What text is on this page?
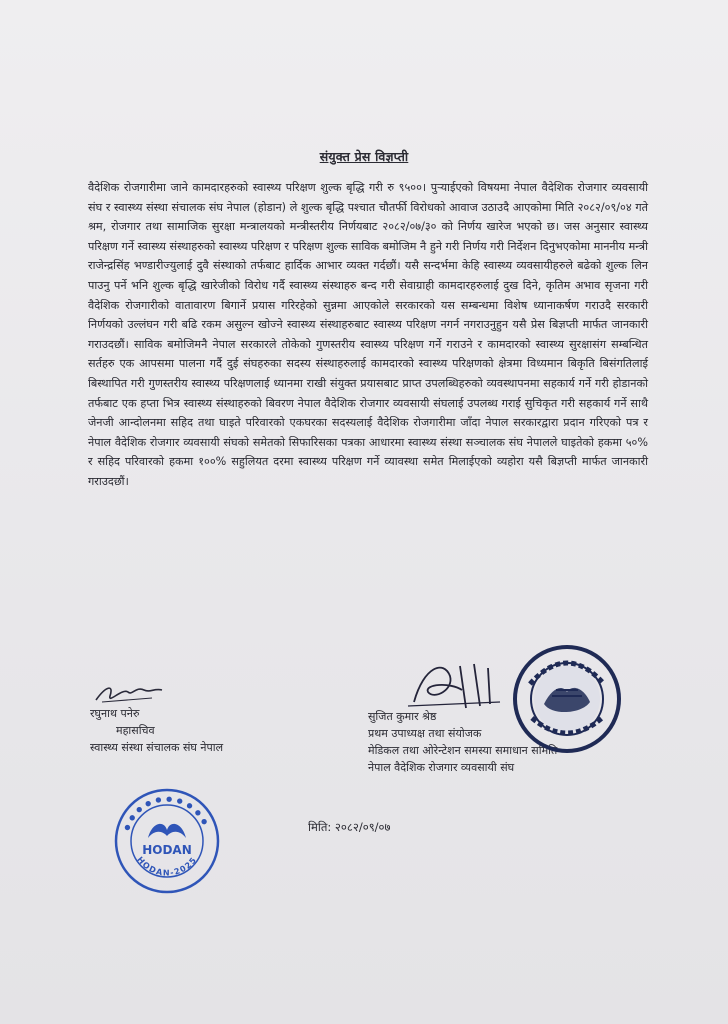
संयुक्त प्रेस विज्ञप्ती

वैदेशिक रोजगारीमा जाने कामदारहरुको स्वास्थ्य परिक्षण शुल्क बृद्धि गरी रु ९५००। पुऱ्याईएको विषयमा नेपाल वैदेशिक रोजगार व्यवसायी संघ र स्वास्थ्य संस्था संचालक संघ नेपाल (होडान) ले शुल्क बृद्धि पश्चात चौतर्फी विरोधको आवाज उठाउदै आएकोमा मिति २०८२/०९/०४ गते श्रम, रोजगार तथा सामाजिक सुरक्षा मन्त्रालयको मन्त्रीस्तरीय निर्णयबाट २०८२/०७/३० को निर्णय खारेज भएको छ। जस अनुसार स्वास्थ्य परिक्षण गर्ने स्वास्थ्य संस्थाहरुको स्वास्थ्य परिक्षण र परिक्षण शुल्क साविक बमोजिम नै हुने गरी निर्णय गरी निर्देशन दिनुभएकोमा माननीय मन्त्री राजेन्द्रसिंह भण्डारीज्युलाई दुवै संस्थाको तर्फबाट हार्दिक आभार व्यक्त गर्दछौं। यसै सन्दर्भमा केहि स्वास्थ्य व्यवसायीहरुले बढेको शुल्क लिन पाउनु पर्ने भनि शुल्क बृद्धि खारेजीको विरोध गर्दै स्वास्थ्य संस्थाहरु बन्द गरी सेवाग्राही कामदारहरुलाई दुख दिने, कृतिम अभाव सृजना गरी वैदेशिक रोजगारीको वातावारण बिगार्ने प्रयास गरिरहेको सुन्नमा आएकोले सरकारको यस सम्बन्धमा विशेष ध्यानाकर्षण गराउदै सरकारी निर्णयको उल्लंघन गरी बढि रकम असुल्न खोज्ने स्वास्थ्य संस्थाहरुबाट स्वास्थ्य परिक्षण नगर्न नगराउनुहुन यसै प्रेस बिज्ञप्ती मार्फत जानकारी गराउदछौं। साविक बमोजिमनै नेपाल सरकारले तोकेको गुणस्तरीय स्वास्थ्य परिक्षण गर्ने गराउने र कामदारको स्वास्थ्य सुरक्षासंग सम्बन्धित सर्तहरु एक आपसमा पालना गर्दै दुई संघहरुका सदस्य संस्थाहरुलाई कामदारको स्वास्थ्य परिक्षणको क्षेत्रमा विध्यमान बिकृति बिसंगतिलाई बिस्थापित गरी गुणस्तरीय स्वास्थ्य परिक्षणलाई ध्यानमा राखी संयुक्त प्रयासबाट प्राप्त उपलब्धिहरुको व्यवस्थापनमा सहकार्य गर्ने गरी होडानको तर्फबाट एक हप्ता भित्र स्वास्थ्य संस्थाहरुको बिवरण नेपाल वैदेशिक रोजगार व्यवसायी संघलाई उपलब्ध गराई सुचिकृत गरी सहकार्य गर्ने साथै जेनजी आन्दोलनमा सहिद तथा घाइते परिवारको एकघरका सदस्यलाई वैदेशिक रोजगारीमा जाँदा नेपाल सरकारद्वारा प्रदान गरिएको पत्र र नेपाल वैदेशिक रोजगार व्यवसायी संघको समेतको सिफारिसका पत्रका आधारमा स्वास्थ्य संस्था सञ्चालक संघ नेपालले घाइतेको हकमा ५०% र सहिद परिवारको हकमा १००% सहुलियत दरमा स्वास्थ्य परिक्षण गर्ने व्यावस्था समेत मिलाईएको व्यहोरा यसै बिज्ञप्ती मार्फत जानकारी गराउदछौं।

रघुनाथ पनेरु
महासचिव
स्वास्थ्य संस्था संचालक संघ नेपाल
सुजित कुमार श्रेष्ठ
प्रथम उपाध्यक्ष तथा संयोजक
मेडिकल तथा ओरेन्टेशन समस्या समाधान समिति
नेपाल वैदेशिक रोजगार व्यवसायी संघ
● ● ● ● ● ● ● ● ● ●
HODAN
HODAN-2025
मिति: २०८२/०९/०७
